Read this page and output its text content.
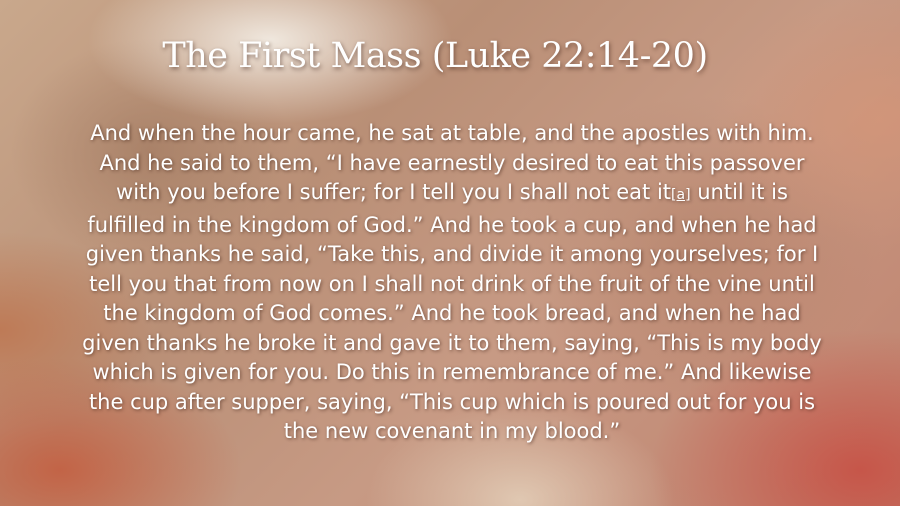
The First Mass (Luke 22:14-20)
And when the hour came, he sat at table, and the apostles with him. And he said to them, “I have earnestly desired to eat this passover with you before I suffer; for I tell you I shall not eat it[a] until it is fulfilled in the kingdom of God.” And he took a cup, and when he had given thanks he said, “Take this, and divide it among yourselves; for I tell you that from now on I shall not drink of the fruit of the vine until the kingdom of God comes.” And he took bread, and when he had given thanks he broke it and gave it to them, saying, “This is my body which is given for you. Do this in remembrance of me.” And likewise the cup after supper, saying, “This cup which is poured out for you is the new covenant in my blood.”
